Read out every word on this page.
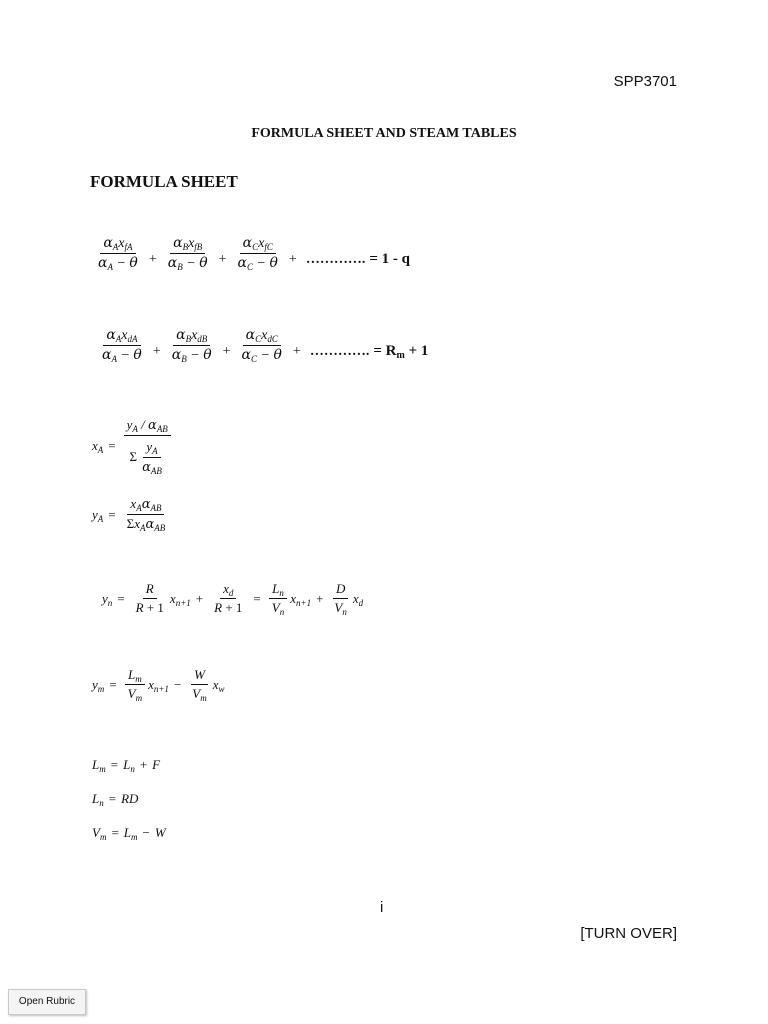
SPP3701
FORMULA SHEET AND STEAM TABLES
FORMULA SHEET
$\frac{\alpha_Ax_{fA}}{\alpha_A - \theta} + \frac{\alpha_Bx_{fB}}{\alpha_B - \theta} + \frac{\alpha_Cx_{fC}}{\alpha_C - \theta}$ + …………. = 1 - q
$\frac{\alpha_Ax_{dA}}{\alpha_A - \theta} + \frac{\alpha_Bx_{dB}}{\alpha_B - \theta} + \frac{\alpha_Cx_{dC}}{\alpha_C - \theta}$ + …………. = $R_m + 1$
$x_A = \frac{y_A / \alpha_{AB}}{\Sigma \frac{y_A}{\alpha_{AB}}}$
$y_A = \frac{x_A\alpha_{AB}}{\Sigma x_A\alpha_{AB}}$
$y_n = \frac{R}{R + 1} x_{n+1} + \frac{x_d}{R + 1} = \frac{L_n}{V_n} x_{n+1} + \frac{D}{V_n} x_d$
$y_m = \frac{L_m}{V_m} x_{n+1} - \frac{W}{V_m} x_w$
$L_m = L_n + F$
$L_n$ = RD
$V_m = L_m - W$
i
[TURN OVER]
Open Rubric
